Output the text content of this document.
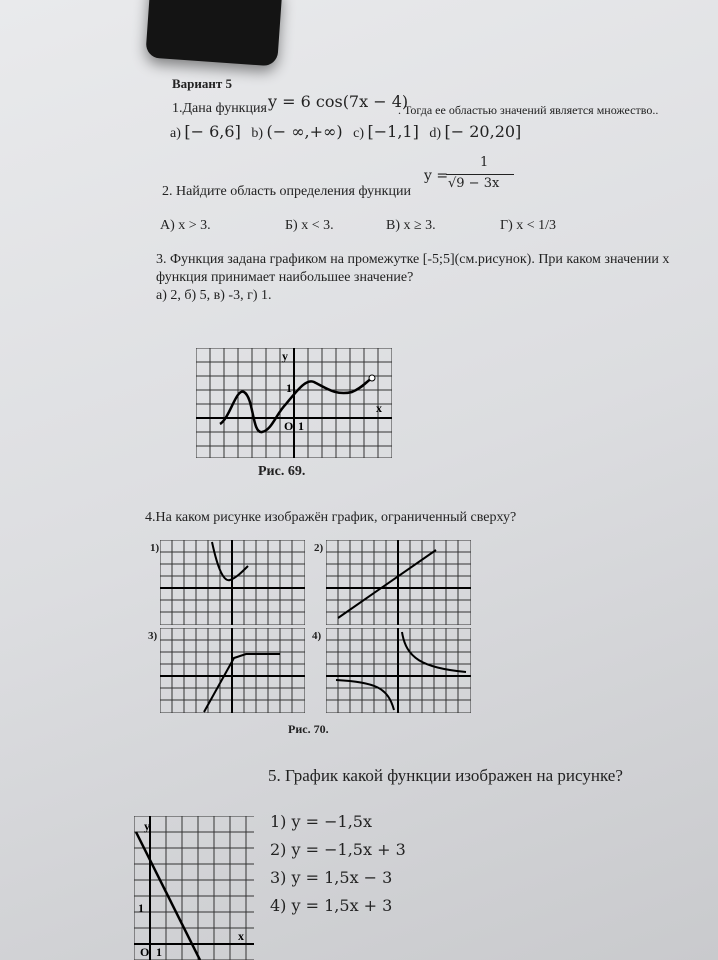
Вариант 5
1.Дана функция y = 6 cos(7x − 4)
. Тогда ее областью значений является множество..
a) [− 6,6] b) (− ∞,+∞) c) [−1,1] d) [− 20,20]
2. Найдите область определения функции
y =
1
√9 − 3x
А) x > 3.	Б) x < 3.	В) x ≥ 3.	Г) x < 1/3
3. Функция задана графиком на промежутке [-5;5](см.рисунок). При каком значении x
функция принимает наибольшее значение?
а) 2, б) 5, в) -3, г) 1.
y
x
O 1
1
Рис. 69.
4.На каком рисунке изображён график, ограниченный сверху?
1)	2)
3)	4)
Рис. 70.
5. График какой функции изображен на рисунке?
1) y = −1,5x
2) y = −1,5x + 3
3) y = 1,5x − 3
4) y = 1,5x + 3
y
x
1
O 1
